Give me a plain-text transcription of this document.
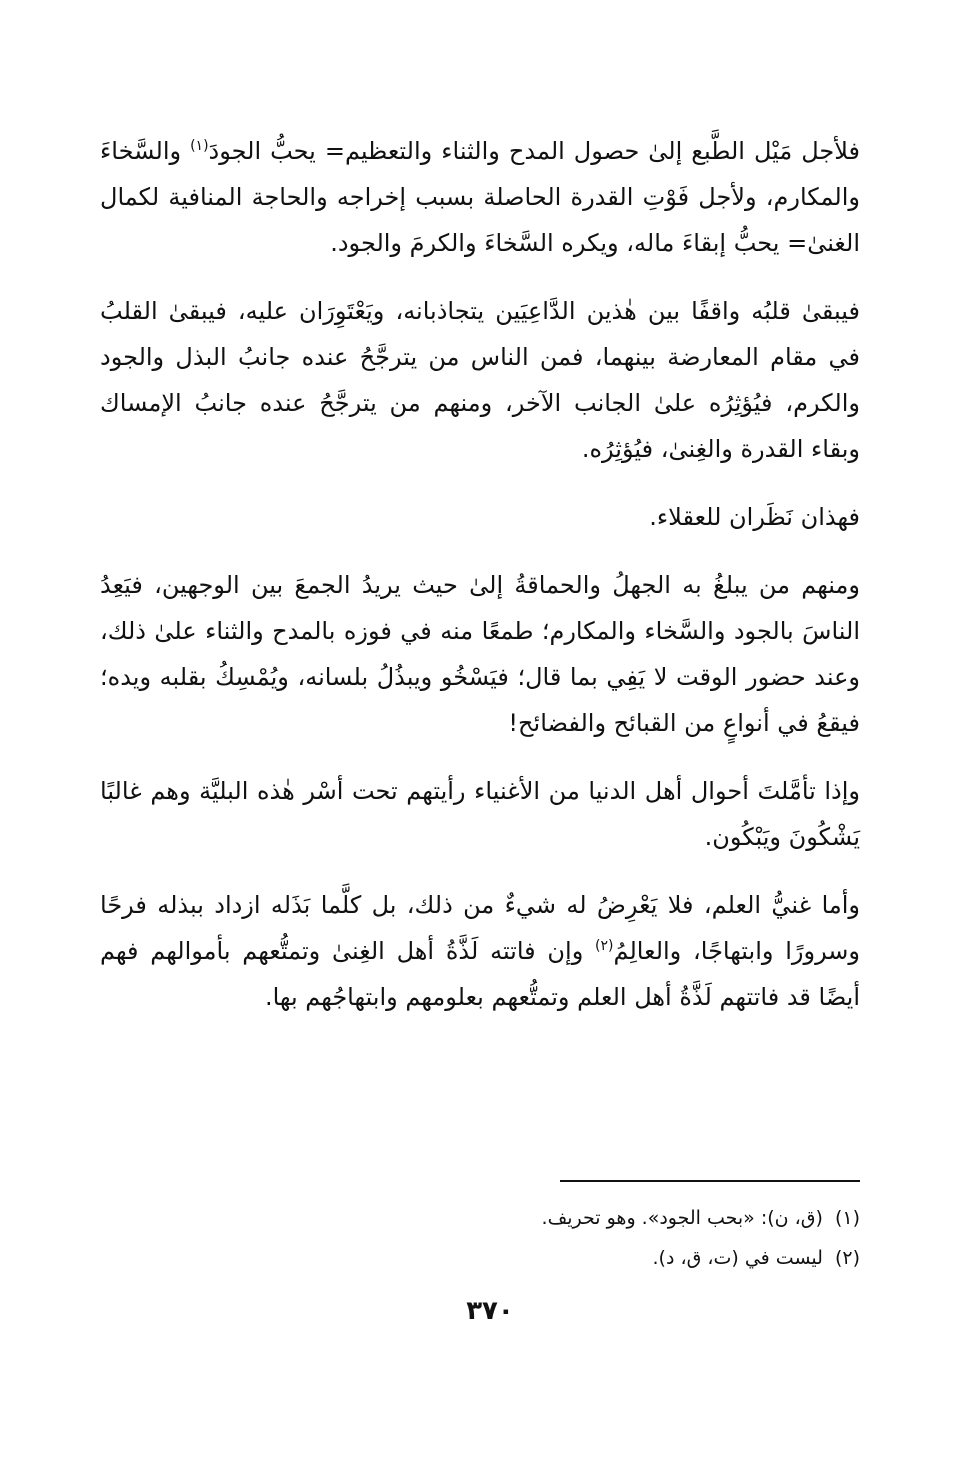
فلأجل مَيْل الطَّبع إلىٰ حصول المدح والثناء والتعظيم= يحبُّ الجودَ$^{(١)}$ والسَّخاءَ والمكارم، ولأجل فَوْتِ القدرة الحاصلة بسبب إخراجه والحاجة المنافية لكمال الغنىٰ= يحبُّ إبقاءَ ماله، ويكره السَّخاءَ والكرمَ والجود.

فيبقىٰ قلبُه واقفًا بين هٰذين الدَّاعِيَين يتجاذبانه، ويَعْتَوِرَان عليه، فيبقىٰ القلبُ في مقام المعارضة بينهما، فمن الناس من يترجَّحُ عنده جانبُ البذل والجود والكرم، فيُؤثِرُه علىٰ الجانب الآخر، ومنهم من يترجَّحُ عنده جانبُ الإمساك وبقاء القدرة والغِنىٰ، فيُؤثِرُه.

فهذان نَظَران للعقلاء.

ومنهم من يبلغُ به الجهلُ والحماقةُ إلىٰ حيث يريدُ الجمعَ بين الوجهين، فيَعِدُ الناسَ بالجود والسَّخاء والمكارم؛ طمعًا منه في فوزه بالمدح والثناء علىٰ ذلك، وعند حضور الوقت لا يَفِي بما قال؛ فيَسْخُو ويبذُلُ بلسانه، ويُمْسِكُ بقلبه ويده؛ فيقعُ في أنواعٍ من القبائح والفضائح!

وإذا تأمَّلتَ أحوال أهل الدنيا من الأغنياء رأيتهم تحت أسْر هٰذه البليَّة وهم غالبًا يَشْكُونَ ويَبْكُون.

وأما غنيُّ العلم، فلا يَعْرِضُ له شيءٌ من ذلك، بل كلَّما بَذَله ازداد ببذله فرحًا وسرورًا وابتهاجًا، والعالِمُ$^{(٢)}$ وإن فاتته لَذَّةُ أهل الغِنىٰ وتمتُّعهم بأموالهم فهم أيضًا قد فاتتهم لَذَّةُ أهل العلم وتمتُّعهم بعلومهم وابتهاجُهم بها.

(١)(ق، ن): «بحب الجود». وهو تحريف.
(٢)ليست في (ت، ق، د).
٣٧٠
